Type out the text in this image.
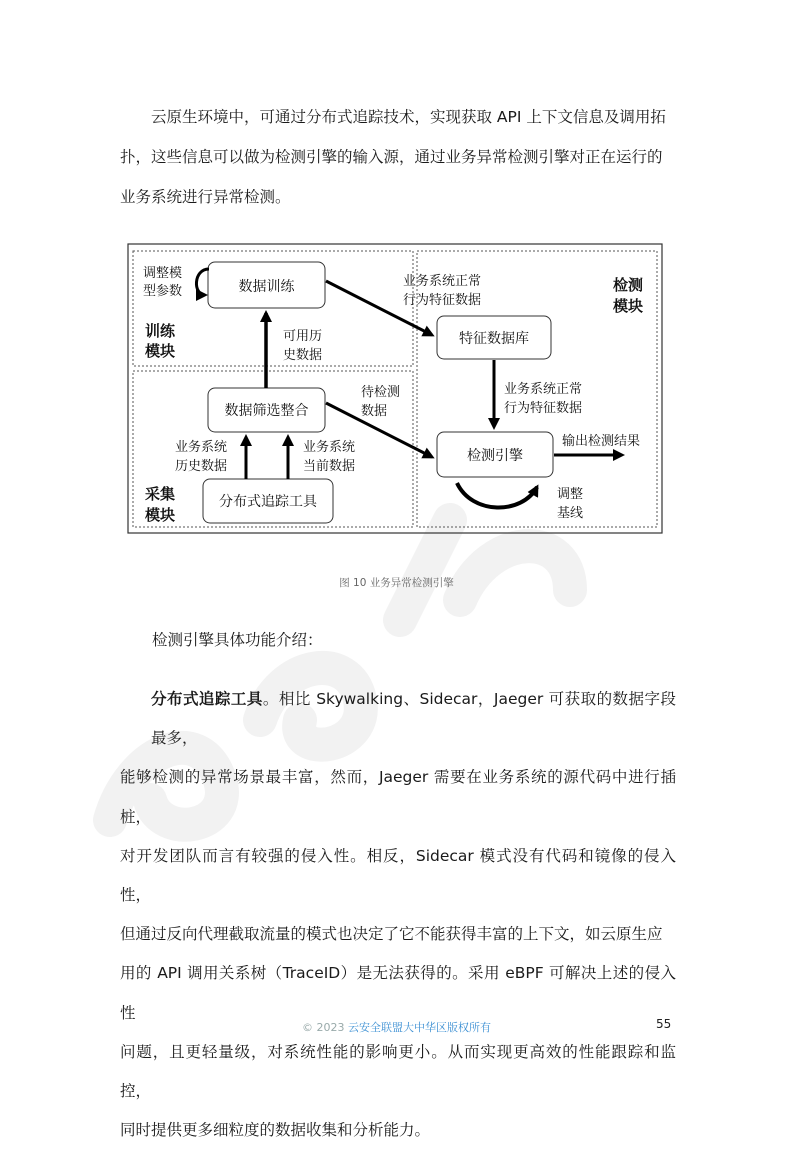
云原生环境中，可通过分布式追踪技术，实现获取 API 上下文信息及调用拓
扑，这些信息可以做为检测引擎的输入源，通过业务异常检测引擎对正在运行的
业务系统进行异常检测。
训练
模块
采集
模块
检测
模块
数据训练
特征数据库
数据筛选整合
检测引擎
分布式追踪工具
调整模
型参数
业务系统正常
行为特征数据
可用历
史数据
待检测
数据
业务系统正常
行为特征数据
业务系统
历史数据
业务系统
当前数据
输出检测结果
调整
基线
图 10 业务异常检测引擎
检测引擎具体功能介绍：
分布式追踪工具。相比 Skywalking、Sidecar，Jaeger 可获取的数据字段最多，
能够检测的异常场景最丰富，然而，Jaeger 需要在业务系统的源代码中进行插桩，
对开发团队而言有较强的侵入性。相反，Sidecar 模式没有代码和镜像的侵入性，
但通过反向代理截取流量的模式也决定了它不能获得丰富的上下文，如云原生应
用的 API 调用关系树（TraceID）是无法获得的。采用 eBPF 可解决上述的侵入性
问题，且更轻量级，对系统性能的影响更小。从而实现更高效的性能跟踪和监控，
同时提供更多细粒度的数据收集和分析能力。
© 2023 云安全联盟大中华区版权所有	55
